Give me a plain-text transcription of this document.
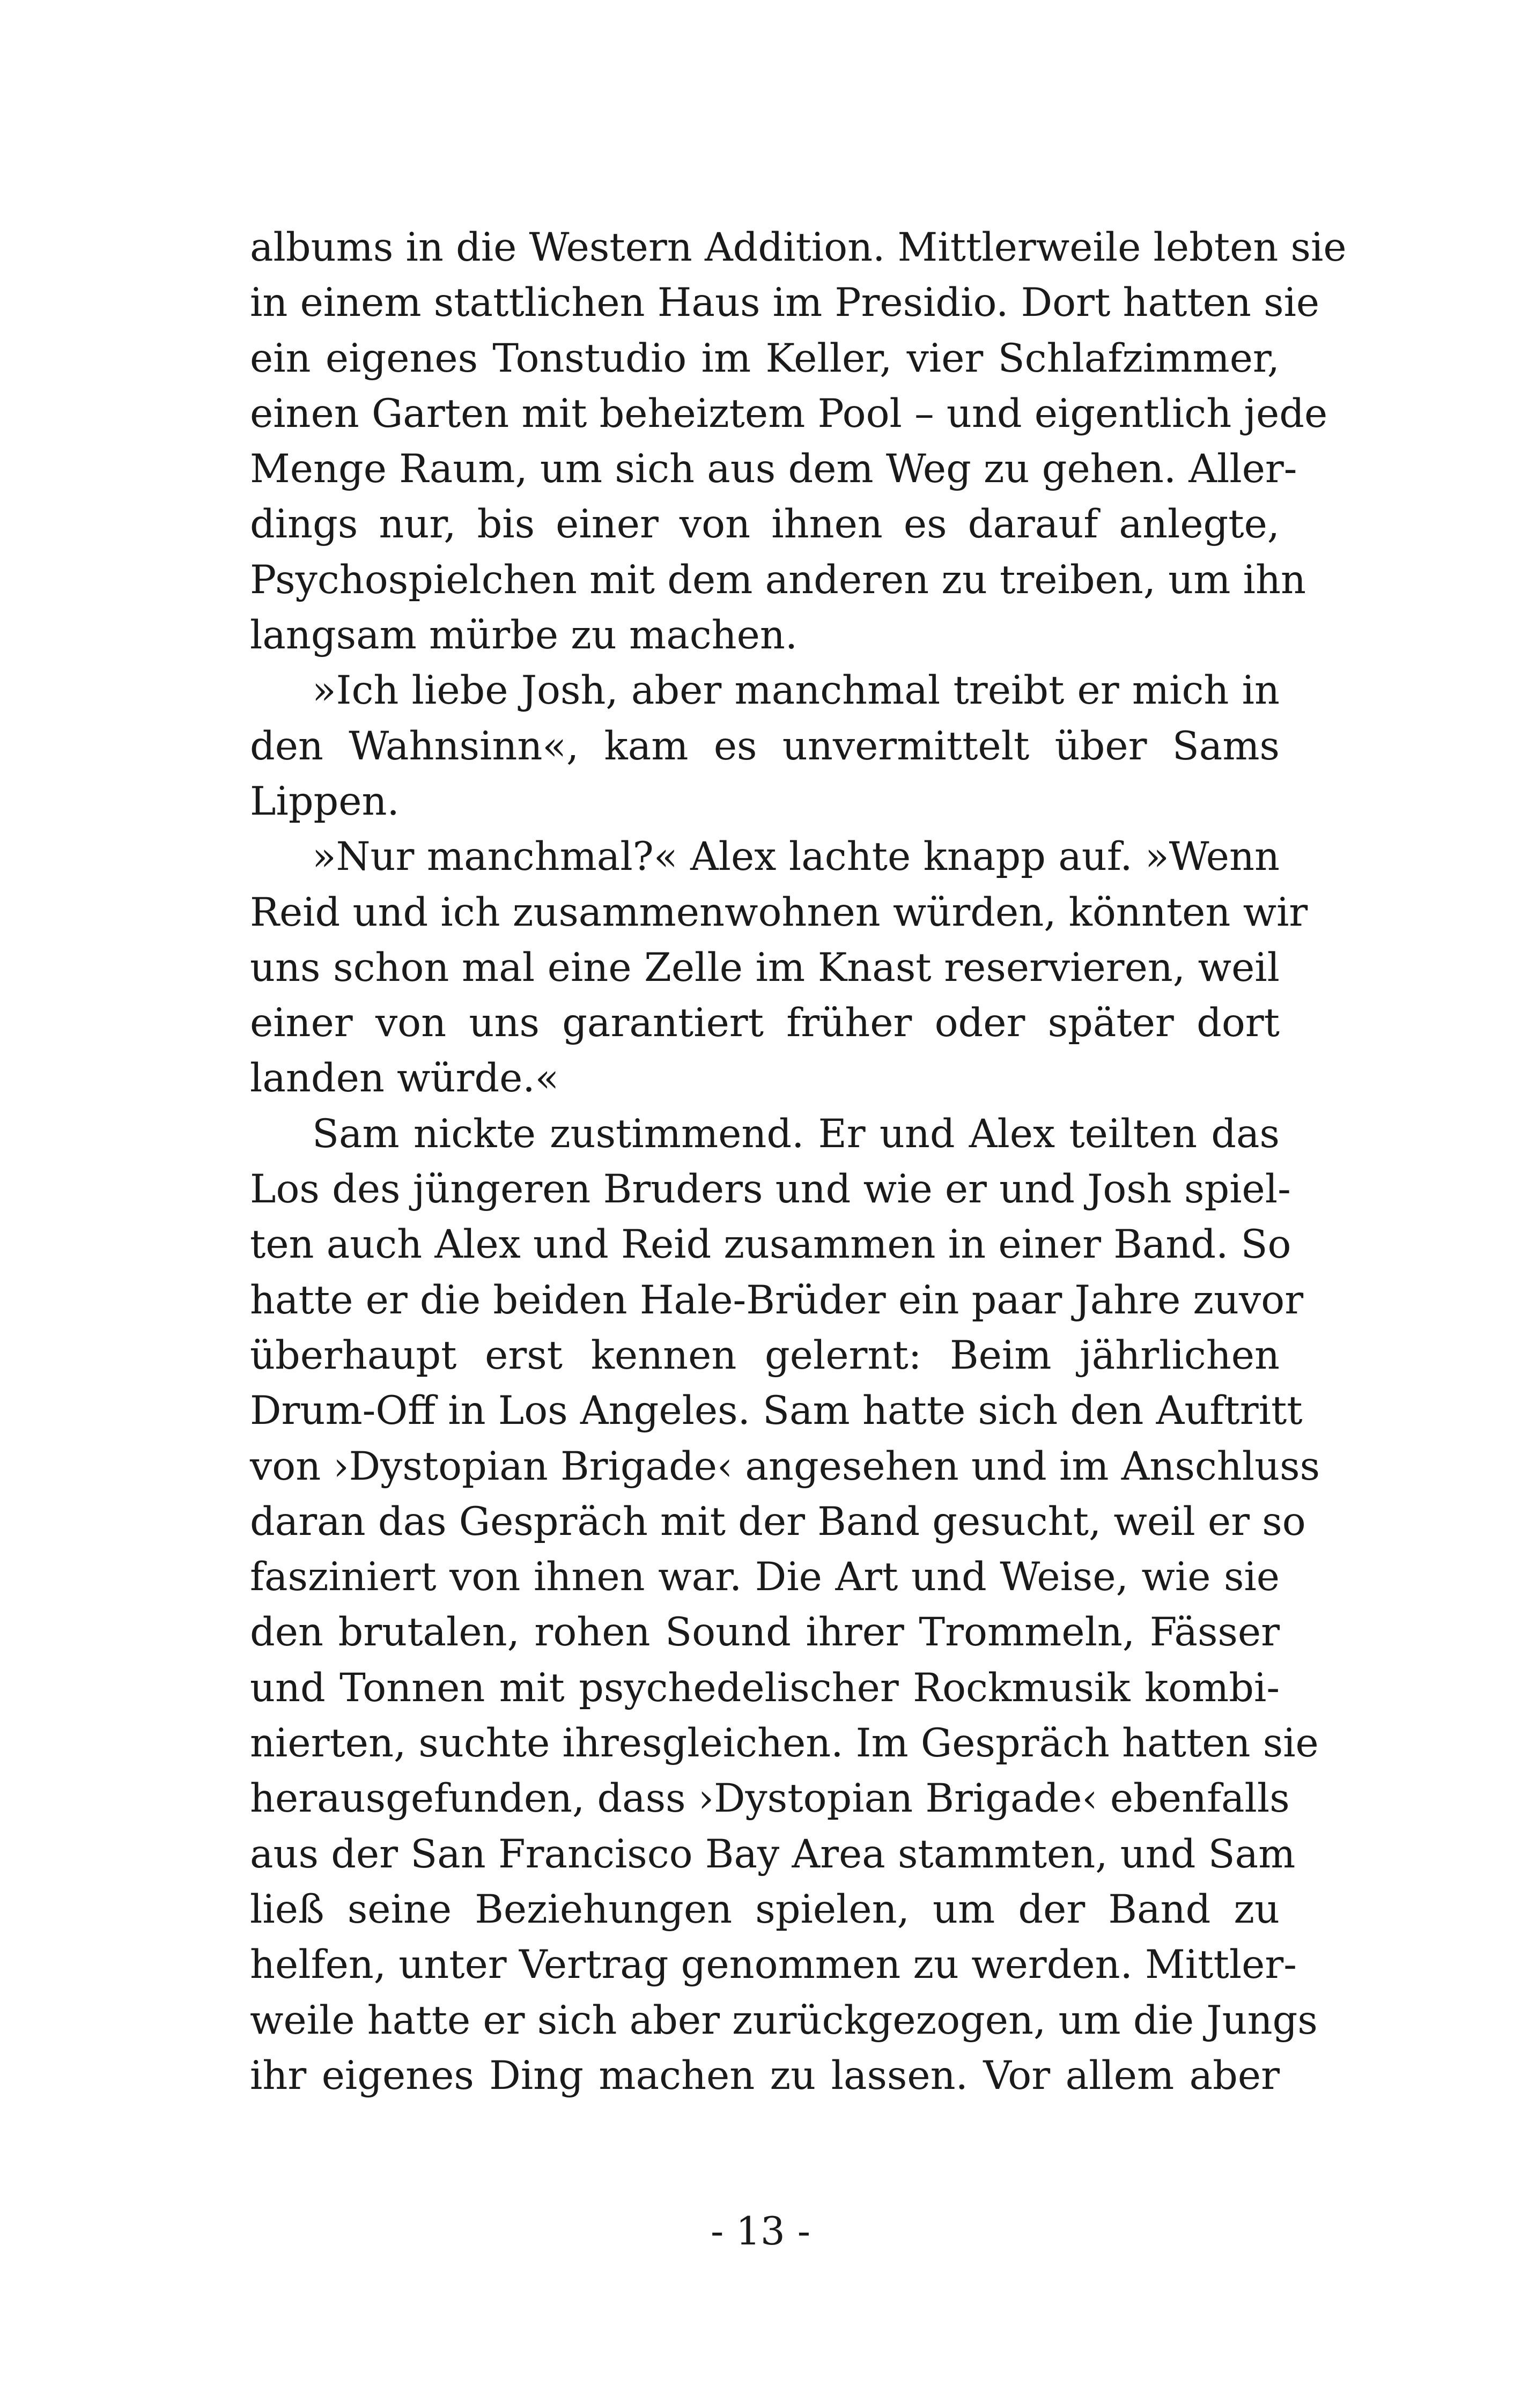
albums in die Western Addition. Mittlerweile lebten sie
in einem stattlichen Haus im Presidio. Dort hatten sie
ein eigenes Tonstudio im Keller, vier Schlafzimmer,
einen Garten mit beheiztem Pool – und eigentlich jede
Menge Raum, um sich aus dem Weg zu gehen. Aller-
dings nur, bis einer von ihnen es darauf anlegte,
Psychospielchen mit dem anderen zu treiben, um ihn
langsam mürbe zu machen.
»Ich liebe Josh, aber manchmal treibt er mich in
den Wahnsinn«, kam es unvermittelt über Sams
Lippen.
»Nur manchmal?« Alex lachte knapp auf. »Wenn
Reid und ich zusammenwohnen würden, könnten wir
uns schon mal eine Zelle im Knast reservieren, weil
einer von uns garantiert früher oder später dort
landen würde.«
Sam nickte zustimmend. Er und Alex teilten das
Los des jüngeren Bruders und wie er und Josh spiel-
ten auch Alex und Reid zusammen in einer Band. So
hatte er die beiden Hale-Brüder ein paar Jahre zuvor
überhaupt erst kennen gelernt: Beim jährlichen
Drum-Off in Los Angeles. Sam hatte sich den Auftritt
von ›Dystopian Brigade‹ angesehen und im Anschluss
daran das Gespräch mit der Band gesucht, weil er so
fasziniert von ihnen war. Die Art und Weise, wie sie
den brutalen, rohen Sound ihrer Trommeln, Fässer
und Tonnen mit psychedelischer Rockmusik kombi-
nierten, suchte ihresgleichen. Im Gespräch hatten sie
herausgefunden, dass ›Dystopian Brigade‹ ebenfalls
aus der San Francisco Bay Area stammten, und Sam
ließ seine Beziehungen spielen, um der Band zu
helfen, unter Vertrag genommen zu werden. Mittler-
weile hatte er sich aber zurückgezogen, um die Jungs
ihr eigenes Ding machen zu lassen. Vor allem aber
- 13 -
